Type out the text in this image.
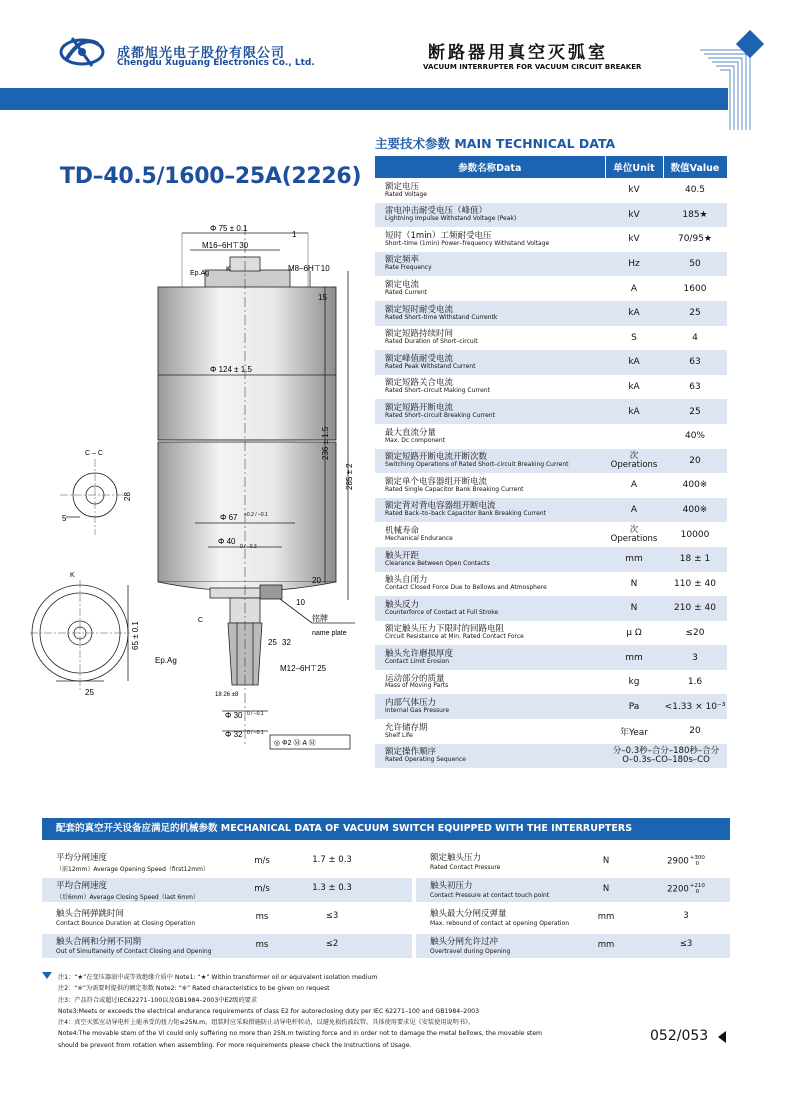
成都旭光电子股份有限公司
Chengdu Xuguang Electronics Co., Ltd.	断路器用真空灭弧室
VACUUM INTERRUPTER FOR VACUUM CIRCUIT BREAKER
主要技术参数 MAIN TECHNICAL DATA
TD–40.5/1600–25A(2226)	参数名称Data	单位Unit	数值Value

额定电压
Rated Voltage	kV	40.5

雷电冲击耐受电压（峰值）
Lightning Impulse Withstand Voltage (Peak)	kV	185★

短时（1min）工频耐受电压
Short–time (1min) Power–frequency Withstand Voltage	kV	70/95★

额定频率
Rate Frequency	Hz	50

额定电流
Rated Current	A	1600

额定短时耐受电流
Rated Short–time Withstand Currentk	kA	25

额定短路持续时间
Rated Duration of Short–circuit	S	4

额定峰值耐受电流
Rated Peak Withstand Current	kA	63

额定短路关合电流
Rated Short–circuit Making Current	kA	63

额定短路开断电流
Rated Short–circuit Breaking Current	kA	25

最大直流分量
Max. Dc component		40%

额定短路开断电流开断次数
Switching Operations of Rated Short–circuit Breaking Current	次
Operations	20

额定单个电容器组开断电流
Rated Single Capacitor Bank Breaking Current	A	400※

额定背对背电容器组开断电流
Rated Back–to–back Capacitor Bank Breaking Current	A	400※

机械寿命
Mechanical Endurance	次
Operations	10000

触头开距
Clearance Between Open Contacts	mm	18 ± 1

触头自闭力
Contact Closed Force Due to Bellows and Atmosphere	N	110 ± 40

触头反力
Counterforce of Contact at Full Stroke	N	210 ± 40

额定触头压力下限时的回路电阻
Circuit Resistance at Min. Rated Contact Force	μ Ω	≤20

触头允许磨损厚度
Contact Limit Erosion	mm	3

运动部分的质量
Mass of Moving Parts	kg	1.6

内部气体压力
Internal Gas Pressure	Pa	<1.33 × 10⁻³

允许储存期
Shelf Life	年Year	20

额定操作顺序
Rated Operating Sequence	分–0.3秒–合分–180秒–合分
O–0.3s–CO–180s–CO	
Φ 75 ± 0.1
1
M16–6H⊤30
Ep.Ag
K	M8–6H⊤10
15
Φ 124 ± 1.5
236 ± 1.5
285 ± 2
Φ 67 +0.2 / –0.1
Φ 40
0 / –0.3
20
10
铭牌
name plate
25 32
M12–6H⊤25
18 26 ±8
Φ 30 0 / –0.1
Φ 32 0 / –0.1
◎ Φ2 Ⓜ A Ⓜ
C – C
C
5
28
65 ± 0.1
25
K
Ep.Ag
配套的真空开关设备应满足的机械参数 MECHANICAL DATA OF VACUUM SWITCH EQUIPPED WITH THE INTERRUPTERS
平均分闸速度
（前12mm）Average Opening Speed（first12mm）
m/s	1.7 ± 0.3
平均合闸速度
（后6mm）Average Closing Speed（last 6mm）
m/s	1.3 ± 0.3
触头合闸弹跳时间
Contact Bounce Duration at Closing Operation
ms	≤3
触头合闸和分闸不同期
Out of Simultaneity of Contact Closing and Opening
ms	≤2
额定触头压力
Rated Contact Pressure
N	2900 +300
0
触头初压力
Contact Pressure at contact touch point
N	2200 +210
0
触头最大分闸反弹量
Max. rebound of contact at opening Operation
mm	3
触头分闸允许过冲
Overtravel during Opening
mm	≤3
注1：“★”在变压器油中或等效绝缘介质中 Note1: “★” Within transformer oil or equivalent isolation medium
注2：“※”为需要时提供的额定参数 Note2: “※” Rated characteristics to be given on request
注3：产品符合或超过IEC62271–100以及GB1984–2003中E2级的要求
Note3:Meets or exceeds the electrical endurance requirements of class E2 for autoreclosing duty per IEC 62271–100 and GB1984–2003
注4：真空灭弧室动导电杆上能承受的扭力矩≤25N.m，组装时应采取措施防止动导电杆转动，以避免损伤波纹管。具体使用要求见《安装使用说明书》。
Note4:The movable stem of the VI could only suffering no more than 25N.m twisting force and in order not to damage the metal bellows, the movable stem
should be prevent from rotation when assembling. For more requirements please check the Instructions of Usage.
052/053
